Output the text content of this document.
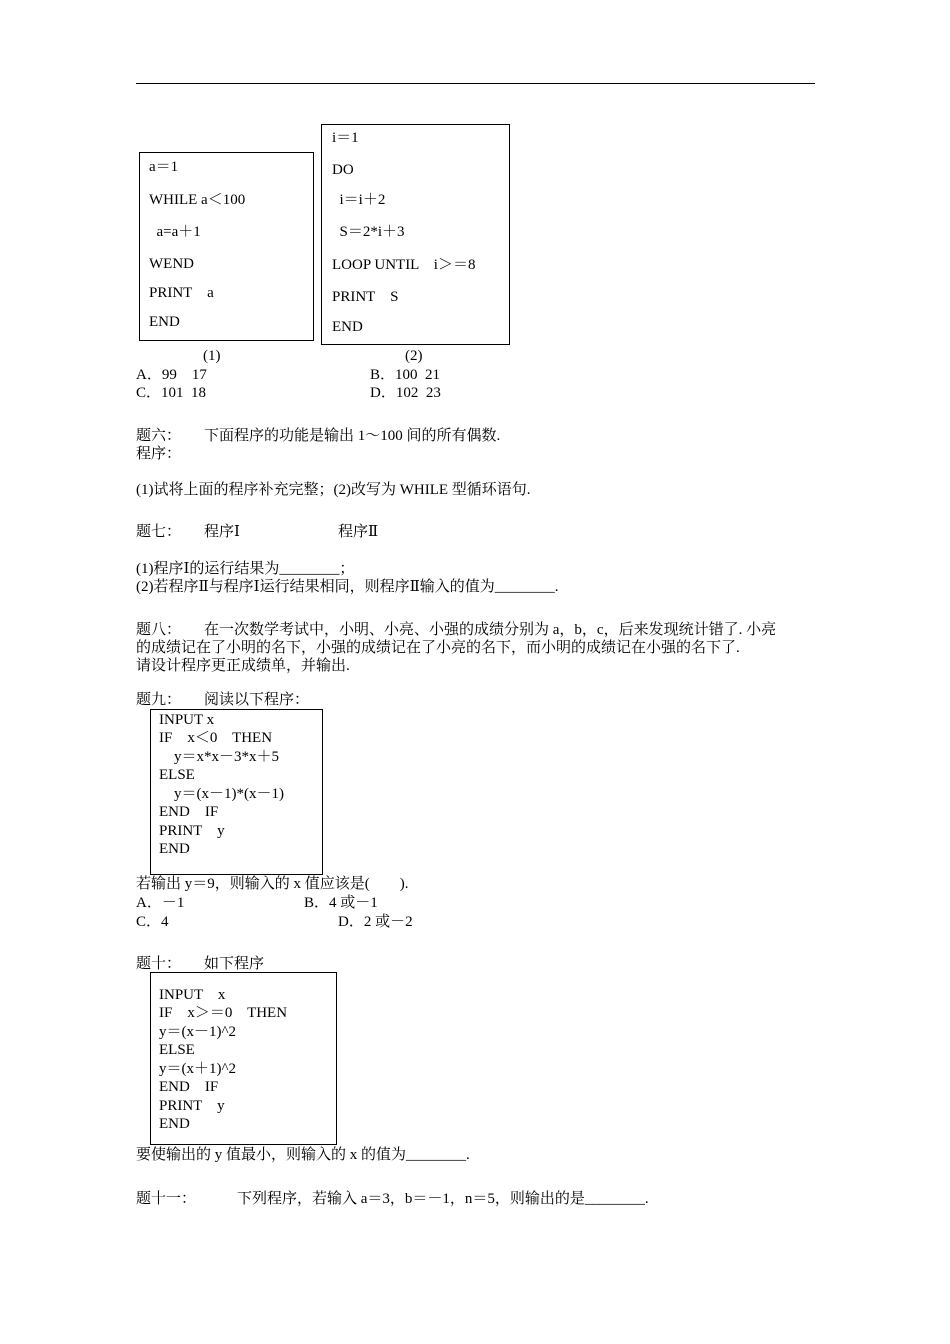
a＝1
WHILE a＜100
a=a＋1
WEND
PRINT    a
END
i＝1
DO
i＝i＋2
S＝2*i＋3
LOOP UNTIL    i＞＝8
PRINT    S
END
(1)	(2)
A．99    17	B．100  21
C．101  18	D．102  23
题六： 下面程序的功能是输出 1～100 间的所有偶数.
程序：
(1)试将上面的程序补充完整；(2)改写为 WHILE 型循环语句.
题七： 程序Ⅰ	程序Ⅱ
(1)程序Ⅰ的运行结果为________；
(2)若程序Ⅱ与程序Ⅰ运行结果相同，则程序Ⅱ输入的值为________.
题八： 在一次数学考试中，小明、小亮、小强的成绩分别为 a，b，c，后来发现统计错了. 小亮
的成绩记在了小明的名下，小强的成绩记在了小亮的名下，而小明的成绩记在小强的名下了.
请设计程序更正成绩单，并输出.
题九： 阅读以下程序：
INPUT x
IF    x＜0    THEN
y＝x*x－3*x＋5
ELSE
y＝(x－1)*(x－1)
END    IF
PRINT    y
END
若输出 y＝9，则输入的 x 值应该是(        ).
A．－1	B．4 或－1
C．4	D．2 或－2
题十： 如下程序
INPUT    x
IF    x＞＝0    THEN
y＝(x－1)^2
ELSE
y＝(x＋1)^2
END    IF
PRINT    y
END
要使输出的 y 值最小，则输入的 x 的值为________.
题十一：	下列程序，若输入 a＝3，b＝－1，n＝5，则输出的是________.
